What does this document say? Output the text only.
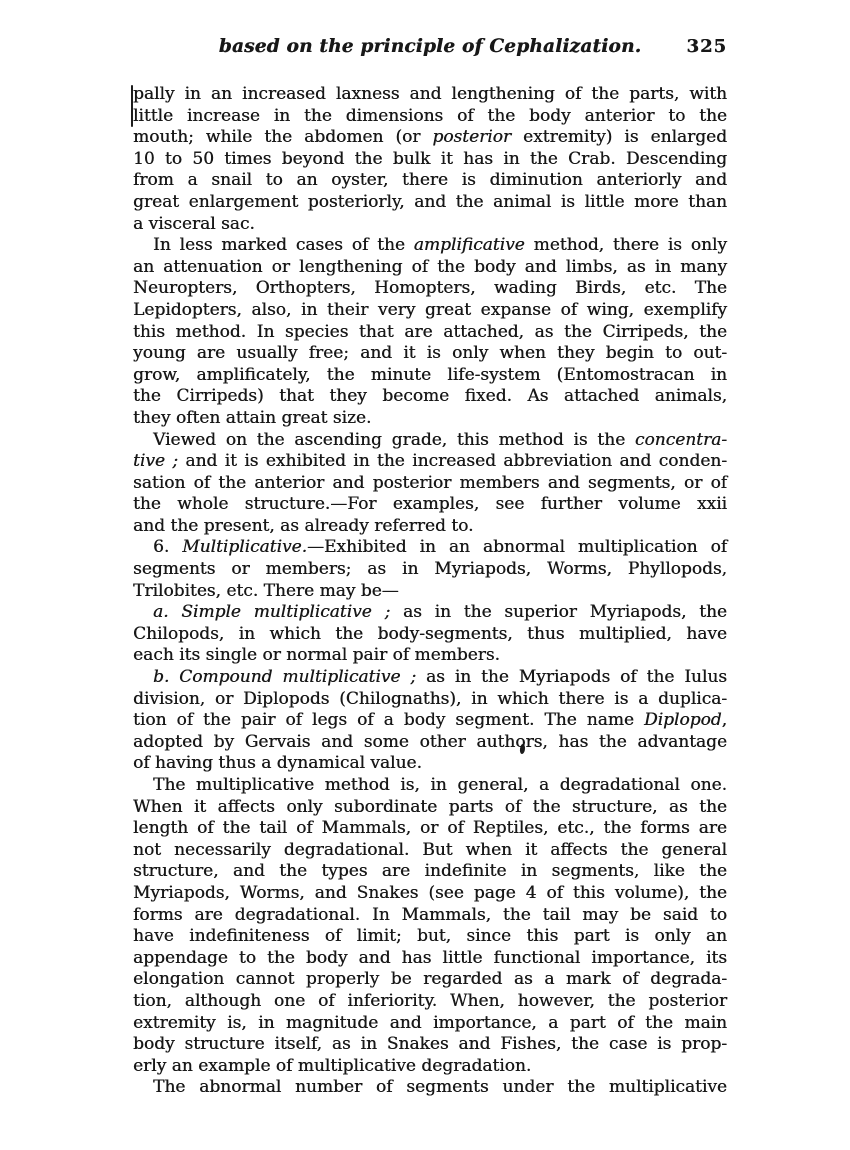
based on the principle of Cephalization.	325
pally in an increased laxness and lengthening of the parts, with
little increase in the dimensions of the body anterior to the
mouth; while the abdomen (or posterior extremity) is enlarged
10 to 50 times beyond the bulk it has in the Crab. Descending
from a snail to an oyster, there is diminution anteriorly and
great enlargement posteriorly, and the animal is little more than
a visceral sac.
In less marked cases of the amplificative method, there is only
an attenuation or lengthening of the body and limbs, as in many
Neuropters, Orthopters, Homopters, wading Birds, etc. The
Lepidopters, also, in their very great expanse of wing, exemplify
this method. In species that are attached, as the Cirripeds, the
young are usually free; and it is only when they begin to out-
grow, amplificately, the minute life-system (Entomostracan in
the Cirripeds) that they become fixed. As attached animals,
they often attain great size.
Viewed on the ascending grade, this method is the concentra-
tive ; and it is exhibited in the increased abbreviation and conden-
sation of the anterior and posterior members and segments, or of
the whole structure.—For examples, see further volume xxii
and the present, as already referred to.
6. Multiplicative.—Exhibited in an abnormal multiplication of
segments or members; as in Myriapods, Worms, Phyllopods,
Trilobites, etc. There may be—
a. Simple multiplicative ; as in the superior Myriapods, the
Chilopods, in which the body-segments, thus multiplied, have
each its single or normal pair of members.
b. Compound multiplicative ; as in the Myriapods of the Iulus
division, or Diplopods (Chilognaths), in which there is a duplica-
tion of the pair of legs of a body segment. The name Diplopod,
adopted by Gervais and some other authors, has the advantage
of having thus a dynamical value.
The multiplicative method is, in general, a degradational one.
When it affects only subordinate parts of the structure, as the
length of the tail of Mammals, or of Reptiles, etc., the forms are
not necessarily degradational. But when it affects the general
structure, and the types are indefinite in segments, like the
Myriapods, Worms, and Snakes (see page 4 of this volume), the
forms are degradational. In Mammals, the tail may be said to
have indefiniteness of limit; but, since this part is only an
appendage to the body and has little functional importance, its
elongation cannot properly be regarded as a mark of degrada-
tion, although one of inferiority. When, however, the posterior
extremity is, in magnitude and importance, a part of the main
body structure itself, as in Snakes and Fishes, the case is prop-
erly an example of multiplicative degradation.
The abnormal number of segments under the multiplicative
